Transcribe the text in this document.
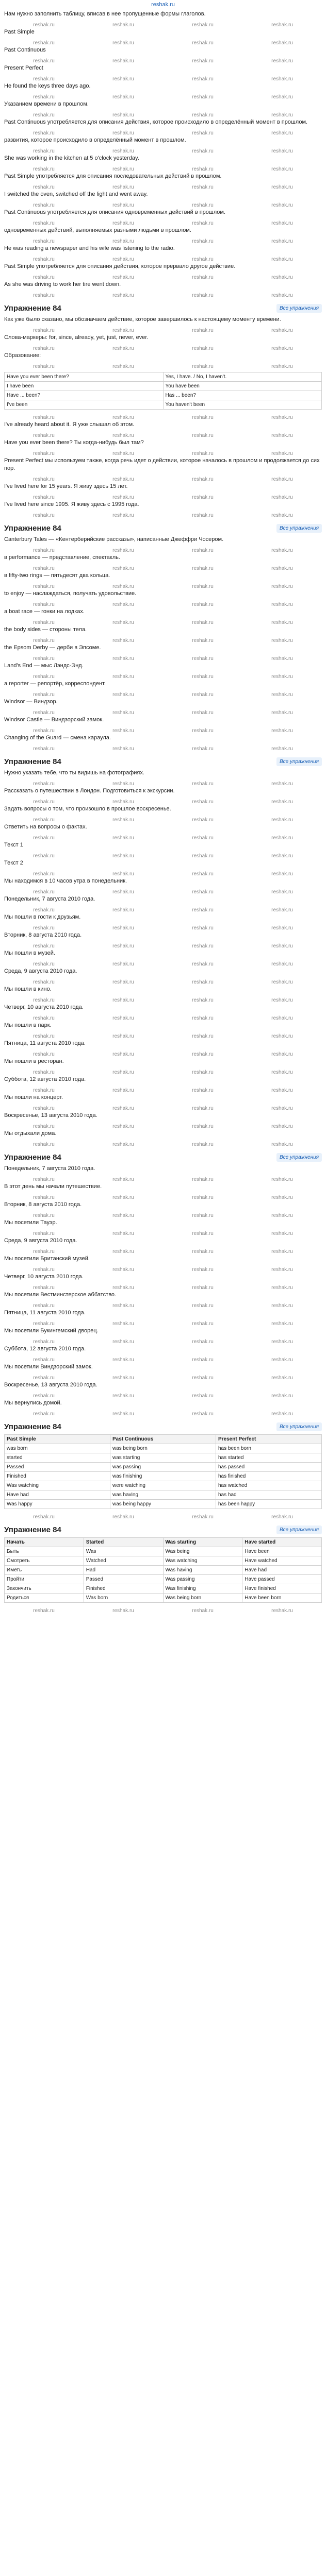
reshak.ru
Нам нужно заполнить таблицу, вписав в нее пропущенные формы глаголов.
reshak.ru	reshak.ru	reshak.ru	reshak.ru
Past Simple
reshak.ru	reshak.ru	reshak.ru	reshak.ru
Past Continuous
reshak.ru	reshak.ru	reshak.ru	reshak.ru
Present Perfect
reshak.ru	reshak.ru	reshak.ru	reshak.ru
He found the keys three days ago.
reshak.ru	reshak.ru	reshak.ru	reshak.ru
Указанием времени в прошлом.
reshak.ru	reshak.ru	reshak.ru	reshak.ru
Past Continuous употребляется для описания действия, которое происходило в определённый момент в прошлом.
reshak.ru	reshak.ru	reshak.ru	reshak.ru
развития, которое происходило в определённый момент в прошлом.
reshak.ru	reshak.ru	reshak.ru	reshak.ru
She was working in the kitchen at 5 o'clock yesterday.
reshak.ru	reshak.ru	reshak.ru	reshak.ru
Past Simple употребляется для описания последовательных действий в прошлом.
reshak.ru	reshak.ru	reshak.ru	reshak.ru
I switched the oven, switched off the light and went away.
reshak.ru	reshak.ru	reshak.ru	reshak.ru
Past Continuous употребляется для описания одновременных действий в прошлом.
reshak.ru	reshak.ru	reshak.ru	reshak.ru
одновременных действий, выполняемых разными людьми в прошлом.
reshak.ru	reshak.ru	reshak.ru	reshak.ru
He was reading a newspaper and his wife was listening to the radio.
reshak.ru	reshak.ru	reshak.ru	reshak.ru
Past Simple употребляется для описания действия, которое прервало другое действие.
reshak.ru	reshak.ru	reshak.ru	reshak.ru
As she was driving to work her tire went down.
reshak.ru	reshak.ru	reshak.ru	reshak.ru
Упражнение 84	Все упражнения
Как уже было сказано, мы обозначаем действие, которое завершилось к настоящему моменту времени.
reshak.ru	reshak.ru	reshak.ru	reshak.ru
Слова-маркеры: for, since, already, yet, just, never, ever.
reshak.ru	reshak.ru	reshak.ru	reshak.ru
Образование:
reshak.ru	reshak.ru	reshak.ru	reshak.ru
Have you ever been there?	Yes, I have. / No, I haven't.
I have been	You have been
Have ... been?	Has ... been?
I've been	You haven't been
reshak.ru	reshak.ru	reshak.ru	reshak.ru
I've already heard about it. Я уже слышал об этом.
reshak.ru	reshak.ru	reshak.ru	reshak.ru
Have you ever been there? Ты когда-нибудь был там?
reshak.ru	reshak.ru	reshak.ru	reshak.ru
Present Perfect мы используем также, когда речь идет о действии, которое началось в прошлом и продолжается до сих пор.
reshak.ru	reshak.ru	reshak.ru	reshak.ru
I've lived here for 15 years. Я живу здесь 15 лет.
reshak.ru	reshak.ru	reshak.ru	reshak.ru
I've lived here since 1995. Я живу здесь с 1995 года.
reshak.ru	reshak.ru	reshak.ru	reshak.ru
Упражнение 84	Все упражнения
Canterbury Tales — «Кентерберийские рассказы», написанные Джеффри Чосером.
reshak.ru	reshak.ru	reshak.ru	reshak.ru
в performance — представление, спектакль.
reshak.ru	reshak.ru	reshak.ru	reshak.ru
в fifty-two rings — пятьдесят два кольца.
reshak.ru	reshak.ru	reshak.ru	reshak.ru
to enjoy — наслаждаться, получать удовольствие.
reshak.ru	reshak.ru	reshak.ru	reshak.ru
a boat race — гонки на лодках.
reshak.ru	reshak.ru	reshak.ru	reshak.ru
the body sides — стороны тела.
reshak.ru	reshak.ru	reshak.ru	reshak.ru
the Epsom Derby — дерби в Эпсоме.
reshak.ru	reshak.ru	reshak.ru	reshak.ru
Land's End — мыс Лэндс-Энд.
reshak.ru	reshak.ru	reshak.ru	reshak.ru
a reporter — репортёр, корреспондент.
reshak.ru	reshak.ru	reshak.ru	reshak.ru
Windsor — Виндзор.
reshak.ru	reshak.ru	reshak.ru	reshak.ru
Windsor Castle — Виндзорский замок.
reshak.ru	reshak.ru	reshak.ru	reshak.ru
Changing of the Guard — смена караула.
reshak.ru	reshak.ru	reshak.ru	reshak.ru
Упражнение 84	Все упражнения
Нужно указать тебе, что ты видишь на фотографиях.
reshak.ru	reshak.ru	reshak.ru	reshak.ru
Рассказать о путешествии в Лондон. Подготовиться к экскурсии.
reshak.ru	reshak.ru	reshak.ru	reshak.ru
Задать вопросы о том, что произошло в прошлое воскресенье.
reshak.ru	reshak.ru	reshak.ru	reshak.ru
Ответить на вопросы о фактах.
reshak.ru	reshak.ru	reshak.ru	reshak.ru
Текст 1
reshak.ru	reshak.ru	reshak.ru	reshak.ru
Текст 2
reshak.ru	reshak.ru	reshak.ru	reshak.ru
Мы находимся в 10 часов утра в понедельник.
reshak.ru	reshak.ru	reshak.ru	reshak.ru
Понедельник, 7 августа 2010 года.
reshak.ru	reshak.ru	reshak.ru	reshak.ru
Мы пошли в гости к друзьям.
reshak.ru	reshak.ru	reshak.ru	reshak.ru
Вторник, 8 августа 2010 года.
reshak.ru	reshak.ru	reshak.ru	reshak.ru
Мы пошли в музей.
reshak.ru	reshak.ru	reshak.ru	reshak.ru
Среда, 9 августа 2010 года.
reshak.ru	reshak.ru	reshak.ru	reshak.ru
Мы пошли в кино.
reshak.ru	reshak.ru	reshak.ru	reshak.ru
Четверг, 10 августа 2010 года.
reshak.ru	reshak.ru	reshak.ru	reshak.ru
Мы пошли в парк.
reshak.ru	reshak.ru	reshak.ru	reshak.ru
Пятница, 11 августа 2010 года.
reshak.ru	reshak.ru	reshak.ru	reshak.ru
Мы пошли в ресторан.
reshak.ru	reshak.ru	reshak.ru	reshak.ru
Суббота, 12 августа 2010 года.
reshak.ru	reshak.ru	reshak.ru	reshak.ru
Мы пошли на концерт.
reshak.ru	reshak.ru	reshak.ru	reshak.ru
Воскресенье, 13 августа 2010 года.
reshak.ru	reshak.ru	reshak.ru	reshak.ru
Мы отдыхали дома.
reshak.ru	reshak.ru	reshak.ru	reshak.ru
Упражнение 84	Все упражнения
Понедельник, 7 августа 2010 года.
reshak.ru	reshak.ru	reshak.ru	reshak.ru
В этот день мы начали путешествие.
reshak.ru	reshak.ru	reshak.ru	reshak.ru
Вторник, 8 августа 2010 года.
reshak.ru	reshak.ru	reshak.ru	reshak.ru
Мы посетили Тауэр.
reshak.ru	reshak.ru	reshak.ru	reshak.ru
Среда, 9 августа 2010 года.
reshak.ru	reshak.ru	reshak.ru	reshak.ru
Мы посетили Британский музей.
reshak.ru	reshak.ru	reshak.ru	reshak.ru
Четверг, 10 августа 2010 года.
reshak.ru	reshak.ru	reshak.ru	reshak.ru
Мы посетили Вестминстерское аббатство.
reshak.ru	reshak.ru	reshak.ru	reshak.ru
Пятница, 11 августа 2010 года.
reshak.ru	reshak.ru	reshak.ru	reshak.ru
Мы посетили Букингемский дворец.
reshak.ru	reshak.ru	reshak.ru	reshak.ru
Суббота, 12 августа 2010 года.
reshak.ru	reshak.ru	reshak.ru	reshak.ru
Мы посетили Виндзорский замок.
reshak.ru	reshak.ru	reshak.ru	reshak.ru
Воскресенье, 13 августа 2010 года.
reshak.ru	reshak.ru	reshak.ru	reshak.ru
Мы вернулись домой.
reshak.ru	reshak.ru	reshak.ru	reshak.ru
Упражнение 84	Все упражнения
Past Simple	Past Continuous	Present Perfect
was born	was being born	has been born
started	was starting	has started
Passed	was passing	has passed
Finished	was finishing	has finished
Was watching	were watching	has watched
Have had	was having	has had
Was happy	was being happy	has been happy
reshak.ru	reshak.ru	reshak.ru	reshak.ru
Упражнение 84	Все упражнения
Начать	Started	Was starting	Have started
Быть	Was	Was being	Have been
Смотреть	Watched	Was watching	Have watched
Иметь	Had	Was having	Have had
Пройти	Passed	Was passing	Have passed
Закончить	Finished	Was finishing	Have finished
Родиться	Was born	Was being born	Have been born
reshak.ru	reshak.ru	reshak.ru	reshak.ru
